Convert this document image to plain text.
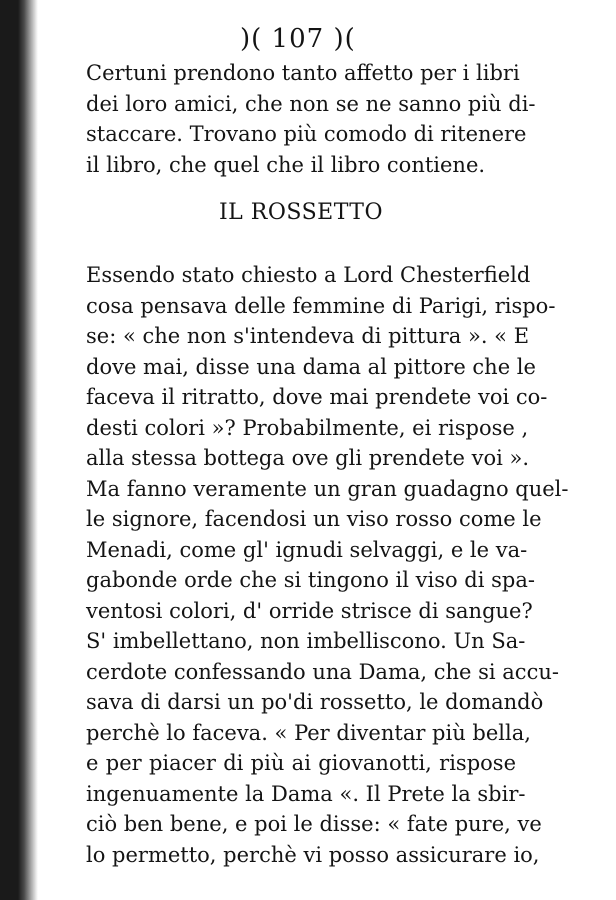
)( 107 )(
Certuni prendono tanto affetto per i libri
dei loro amici, che non se ne sanno più di-
staccare. Trovano più comodo di ritenere
il libro, che quel che il libro contiene.
IL ROSSETTO
Essendo stato chiesto a Lord Chesterfield
cosa pensava delle femmine di Parigi, rispo-
se: « che non s'intendeva di pittura ». « E
dove mai, disse una dama al pittore che le
faceva il ritratto, dove mai prendete voi co-
desti colori »? Probabilmente, ei rispose ,
alla stessa bottega ove gli prendete voi ».
Ma fanno veramente un gran guadagno quel-
le signore, facendosi un viso rosso come le
Menadi, come gl' ignudi selvaggi, e le va-
gabonde orde che si tingono il viso di spa-
ventosi colori, d' orride strisce di sangue?
S' imbellettano, non imbelliscono. Un Sa-
cerdote confessando una Dama, che si accu-
sava di darsi un po'di rossetto, le domandò
perchè lo faceva. « Per diventar più bella,
e per piacer di più ai giovanotti, rispose
ingenuamente la Dama «. Il Prete la sbir-
ciò ben bene, e poi le disse: « fate pure, ve
lo permetto, perchè vi posso assicurare io,
